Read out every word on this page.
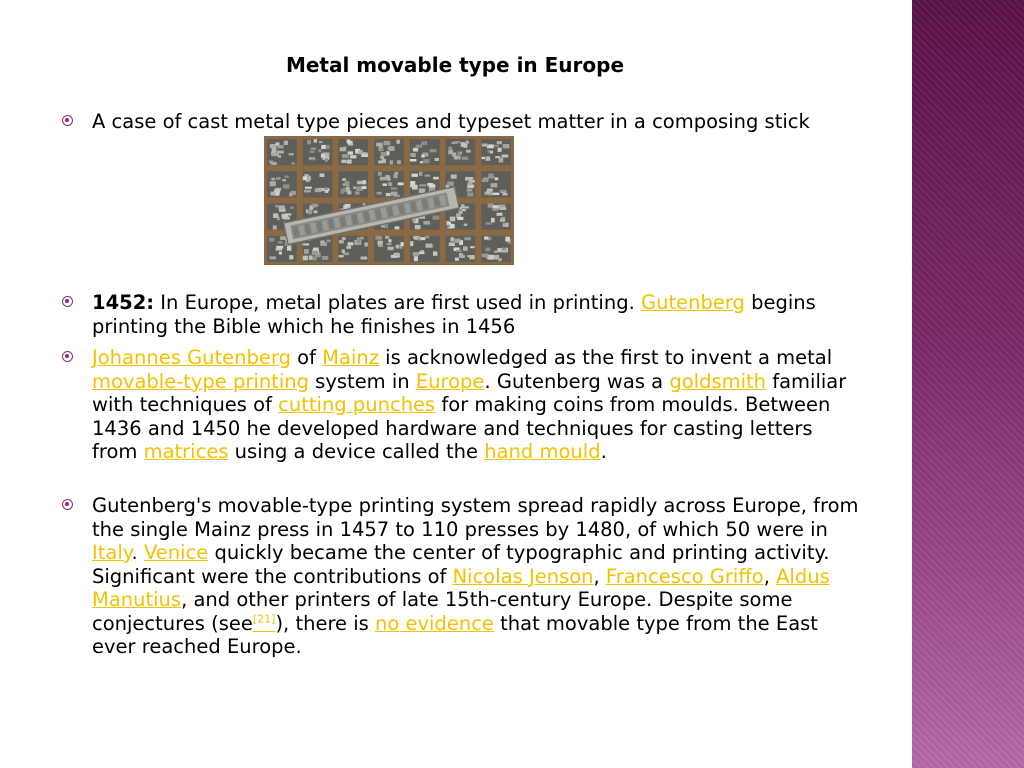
Metal movable type in Europe
A case of cast metal type pieces and typeset matter in a composing stick
1452: In Europe, metal plates are first used in printing. Gutenberg begins printing the Bible which he finishes in 1456
Johannes Gutenberg of Mainz is acknowledged as the first to invent a metal movable-type printing system in Europe. Gutenberg was a goldsmith familiar with techniques of cutting punches for making coins from moulds. Between 1436 and 1450 he developed hardware and techniques for casting letters from matrices using a device called the hand mould.
Gutenberg's movable-type printing system spread rapidly across Europe, from the single Mainz press in 1457 to 110 presses by 1480, of which 50 were in Italy. Venice quickly became the center of typographic and printing activity. Significant were the contributions of Nicolas Jenson, Francesco Griffo, Aldus Manutius, and other printers of late 15th-century Europe. Despite some conjectures (see[21]), there is no evidence that movable type from the East ever reached Europe.
